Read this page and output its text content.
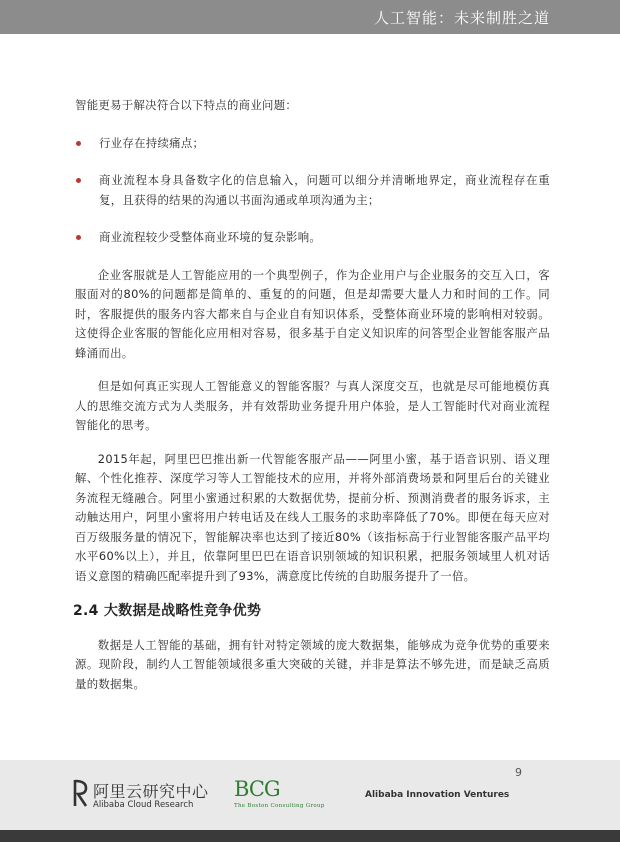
人工智能：未来制胜之道

智能更易于解决符合以下特点的商业问题：

行业存在持续痛点；
商业流程本身具备数字化的信息输入，问题可以细分并清晰地界定，商业流程存在重复，且获得的结果的沟通以书面沟通或单项沟通为主；
商业流程较少受整体商业环境的复杂影响。

企业客服就是人工智能应用的一个典型例子，作为企业用户与企业服务的交互入口，客服面对的80%的问题都是简单的、重复的的问题，但是却需要大量人力和时间的工作。同时，客服提供的服务内容大都来自与企业自有知识体系，受整体商业环境的影响相对较弱。这使得企业客服的智能化应用相对容易，很多基于自定义知识库的问答型企业智能客服产品蜂涌而出。

但是如何真正实现人工智能意义的智能客服？与真人深度交互，也就是尽可能地模仿真人的思维交流方式为人类服务，并有效帮助业务提升用户体验，是人工智能时代对商业流程智能化的思考。

2015年起，阿里巴巴推出新一代智能客服产品——阿里小蜜，基于语音识别、语义理解、个性化推荐、深度学习等人工智能技术的应用，并将外部消费场景和阿里后台的关键业务流程无缝融合。阿里小蜜通过积累的大数据优势，提前分析、预测消费者的服务诉求，主动触达用户，阿里小蜜将用户转电话及在线人工服务的求助率降低了70%。即便在每天应对百万级服务量的情况下，智能解决率也达到了接近80%（该指标高于行业智能客服产品平均水平60%以上），并且，依靠阿里巴巴在语音识别领域的知识积累，把服务领域里人机对话语义意图的精确匹配率提升到了93%，满意度比传统的自助服务提升了一倍。

2.4 大数据是战略性竞争优势

数据是人工智能的基础，拥有针对特定领域的庞大数据集，能够成为竞争优势的重要来源。现阶段，制约人工智能领域很多重大突破的关键，并非是算法不够先进，而是缺乏高质量的数据集。

9
阿里云研究中心
Alibaba Cloud Research
BCG
The Boston Consulting Group
Alibaba Innovation Ventures
